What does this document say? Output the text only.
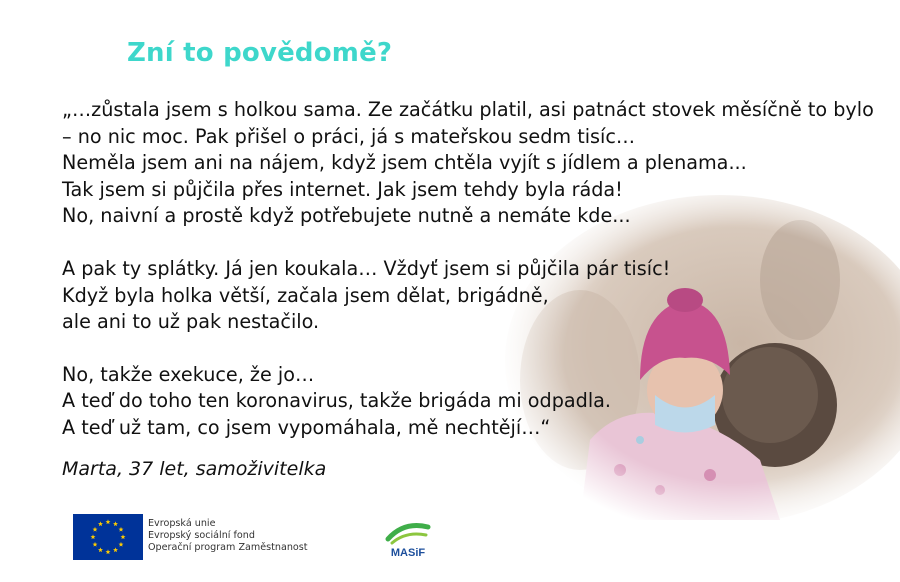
Zní to povědomě?

„…zůstala jsem s holkou sama. Ze začátku platil, asi patnáct stovek měsíčně to bylo

– no nic moc. Pak přišel o práci, já s mateřskou sedm tisíc…

Neměla jsem ani na nájem, když jsem chtěla vyjít s jídlem a plenama...

Tak jsem si půjčila přes internet. Jak jsem tehdy byla ráda!

No, naivní a prostě když potřebujete nutně a nemáte kde...

A pak ty splátky. Já jen koukala… Vždyť jsem si půjčila pár tisíc!

Když byla holka větší, začala jsem dělat, brigádně,

ale ani to už pak nestačilo.

No, takže exekuce, že jo…

A teď do toho ten koronavirus, takže brigáda mi odpadla.

A teď už tam, co jsem vypomáhala, mě nechtějí…“

Marta, 37 let, samoživitelka
Evropská unie
Evropský sociální fond
Operační program Zaměstnanost	MASiF
